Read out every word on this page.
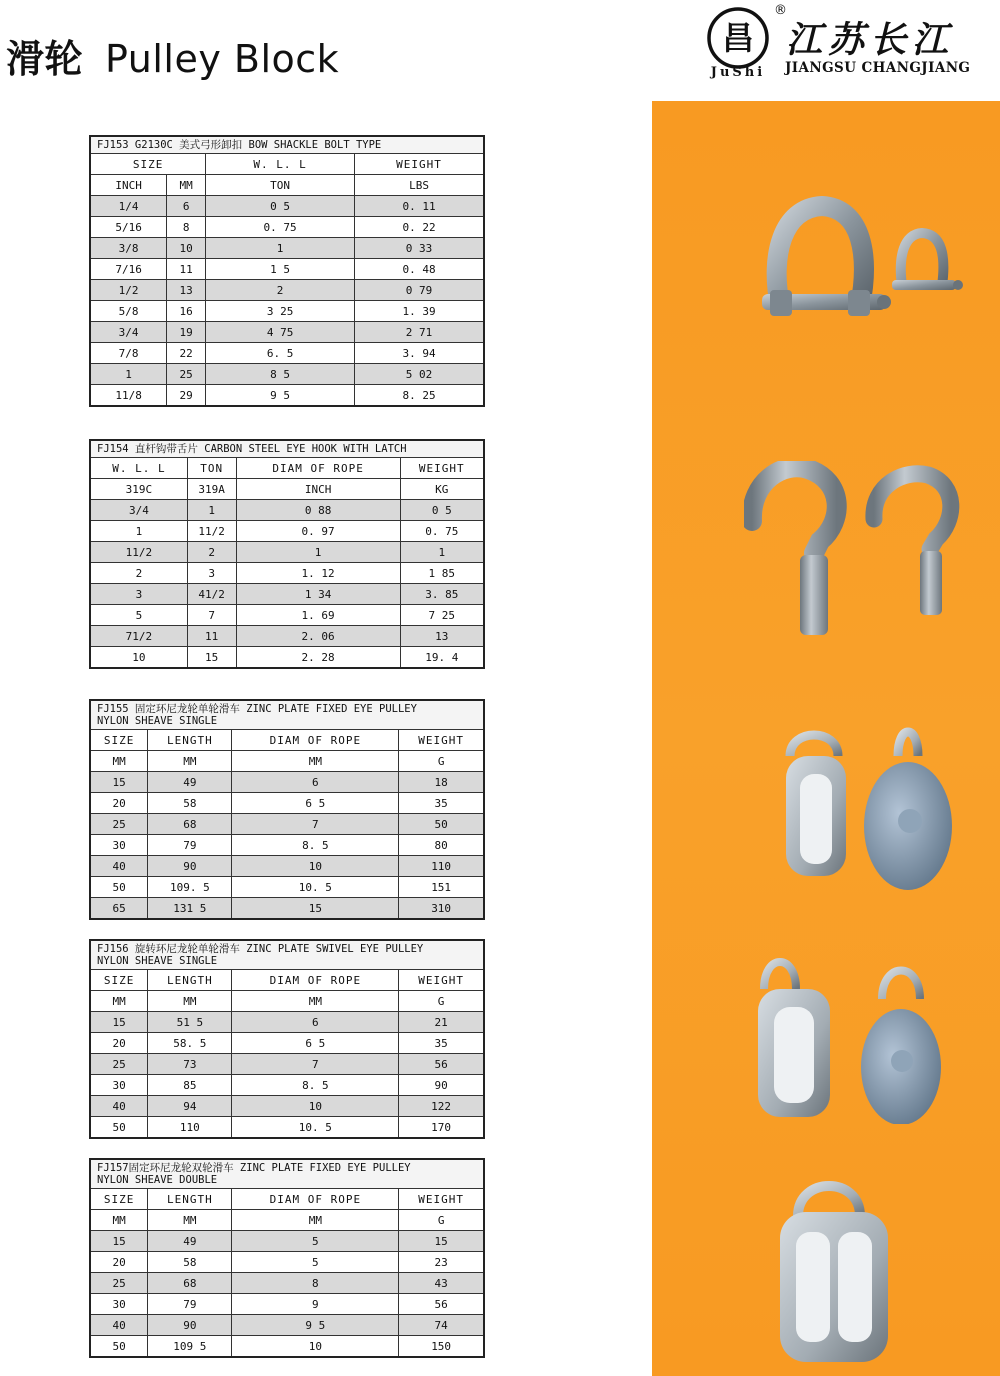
滑轮 Pulley Block	昌
®
江苏长江
JIANGSU CHANGJIANG
JuShi
FJ153 G2130C 美式弓形卸扣 BOW SHACKLE BOLT TYPE			

SIZE		W. L. L	WEIGHT
INCH	MM	TON	LBS
1/4	6	0 5	0. 11
5/16	8	0. 75	0. 22
3/8	10	1	0 33
7/16	11	1 5	0. 48
1/2	13	2	0 79
5/8	16	3 25	1. 39
3/4	19	4 75	2 71
7/8	22	6. 5	3. 94
1	25	8 5	5 02
11/8	29	9 5	8. 25
FJ154 直杆钩带舌片 CARBON STEEL EYE HOOK WITH LATCH			

W. L. L	TON	DIAM OF ROPE	WEIGHT
319C	319A	INCH	KG
3/4	1	0 88	0 5
1	11/2	0. 97	0. 75
11/2	2	1	1
2	3	1. 12	1 85
3	41/2	1 34	3. 85
5	7	1. 69	7 25
71/2	11	2. 06	13
10	15	2. 28	19. 4
FJ155 固定环尼龙轮单轮滑车 ZINC PLATE FIXED EYE PULLEY
NYLON SHEAVE SINGLE			

SIZE	LENGTH	DIAM OF ROPE	WEIGHT
MM	MM	MM	G
15	49	6	18
20	58	6 5	35
25	68	7	50
30	79	8. 5	80
40	90	10	110
50	109. 5	10. 5	151
65	131 5	15	310
FJ156 旋转环尼龙轮单轮滑车 ZINC PLATE SWIVEL EYE PULLEY
NYLON SHEAVE SINGLE			

SIZE	LENGTH	DIAM OF ROPE	WEIGHT
MM	MM	MM	G
15	51 5	6	21
20	58. 5	6 5	35
25	73	7	56
30	85	8. 5	90
40	94	10	122
50	110	10. 5	170
FJ157固定环尼龙轮双轮滑车 ZINC PLATE FIXED EYE PULLEY
NYLON SHEAVE DOUBLE			

SIZE	LENGTH	DIAM OF ROPE	WEIGHT
MM	MM	MM	G
15	49	5	15
20	58	5	23
25	68	8	43
30	79	9	56
40	90	9 5	74
50	109 5	10	150
